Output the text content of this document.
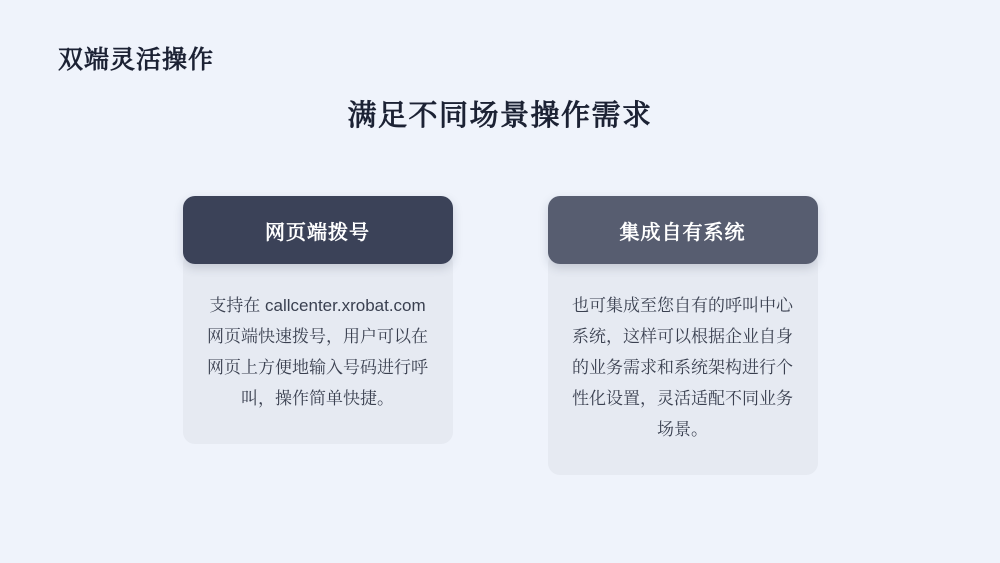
双端灵活操作
满足不同场景操作需求
网页端拨号
支持在 callcenter.xrobat.com 网页端快速拨号，用户可以在网页上方便地输入号码进行呼叫，操作简单快捷。
集成自有系统
也可集成至您自有的呼叫中心系统，这样可以根据企业自身的业务需求和系统架构进行个性化设置，灵活适配不同业务场景。
